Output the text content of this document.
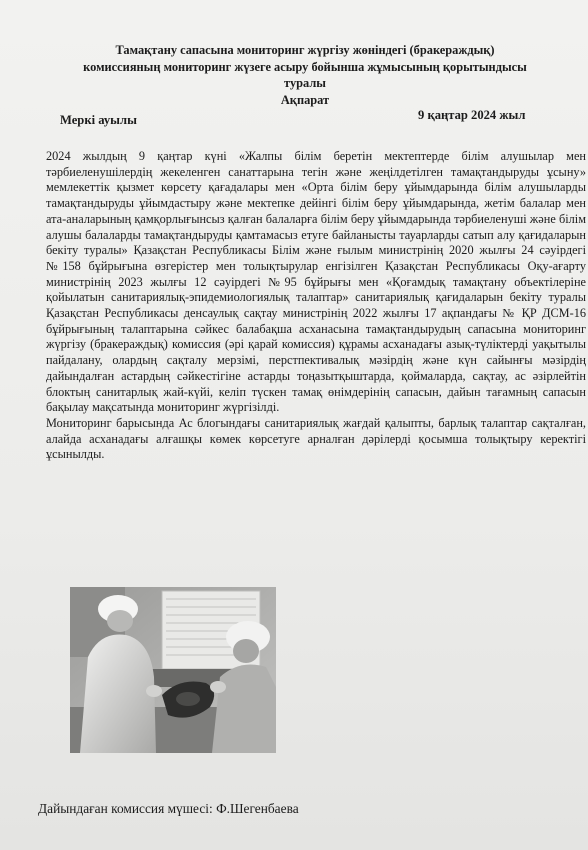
Тамақтану сапасына мониторинг жүргізу жөніндегі (бракераждық)
комиссияның мониторинг жүзеге асыру бойынша жұмысының қорытындысы
туралы
Ақпарат
Меркі ауылы	9 қаңтар 2024 жыл

2024 жылдың 9 қаңтар күні «Жалпы білім беретін мектептерде білім алушылар мен тәрбиеленушілердің жекеленген санаттарына тегін және жеңілдетілген тамақтандыруды ұсыну» мемлекеттік қызмет көрсету қағадалары мен «Орта білім беру ұйымдарында білім алушыларды тамақтандыруды ұйымдастыру және мектепке дейінгі білім беру ұйымдарында, жетім балалар мен ата-аналарының қамқорлығынсыз қалған балаларға білім беру ұйымдарында тәрбиеленуші және білім алушы балаларды тамақтандыруды қамтамасыз етуге байланысты тауарларды сатып алу қағидаларын бекіту туралы» Қазақстан Республикасы Білім және ғылым министрінің 2020 жылғы 24 сәуірдегі №158 бұйрығына өзгерістер мен толықтырулар енгізілген Қазақстан Республикасы Оқу-ағарту министрінің 2023 жылғы 12 сәуірдегі №95 бұйрығы мен «Қоғамдық тамақтану объектілеріне қойылатын санитариялық-эпидемиологиялық талаптар» санитариялық қағидаларын бекіту туралы Қазақстан Республикасы денсаулық сақтау министрінің 2022 жылғы 17 ақпандағы № ҚР ДСМ-16 бұйрығының талаптарына сәйкес балабақша асханасына тамақтандырудың сапасына мониторинг жүргізу (бракераждық) комиссия (әрі қарай комиссия) құрамы асханадағы азық-түліктерді уақытылы пайдалану, олардың сақталу мерзімі, перстпективалық мәзірдің және күн сайынғы мәзірдің дайындалған астардың сәйкестігіне астарды тоңазытқыштарда, қоймаларда, сақтау, ас әзірлейтін блоктың санитарлық жай-күйі, келіп түскен тамақ өнімдерінің сапасын, дайын тағамның сапасын бақылау мақсатында мониторинг жүргізілді.

Мониторинг барысында Ас блогындағы санитариялық жағдай қалыпты, барлық талаптар сақталған, алайда асханадағы алғашқы көмек көрсетуге арналған дәрілерді қосымша толықтыру керектігі ұсынылды.

Дайындаған комиссия мүшесі: Ф.Шегенбаева
